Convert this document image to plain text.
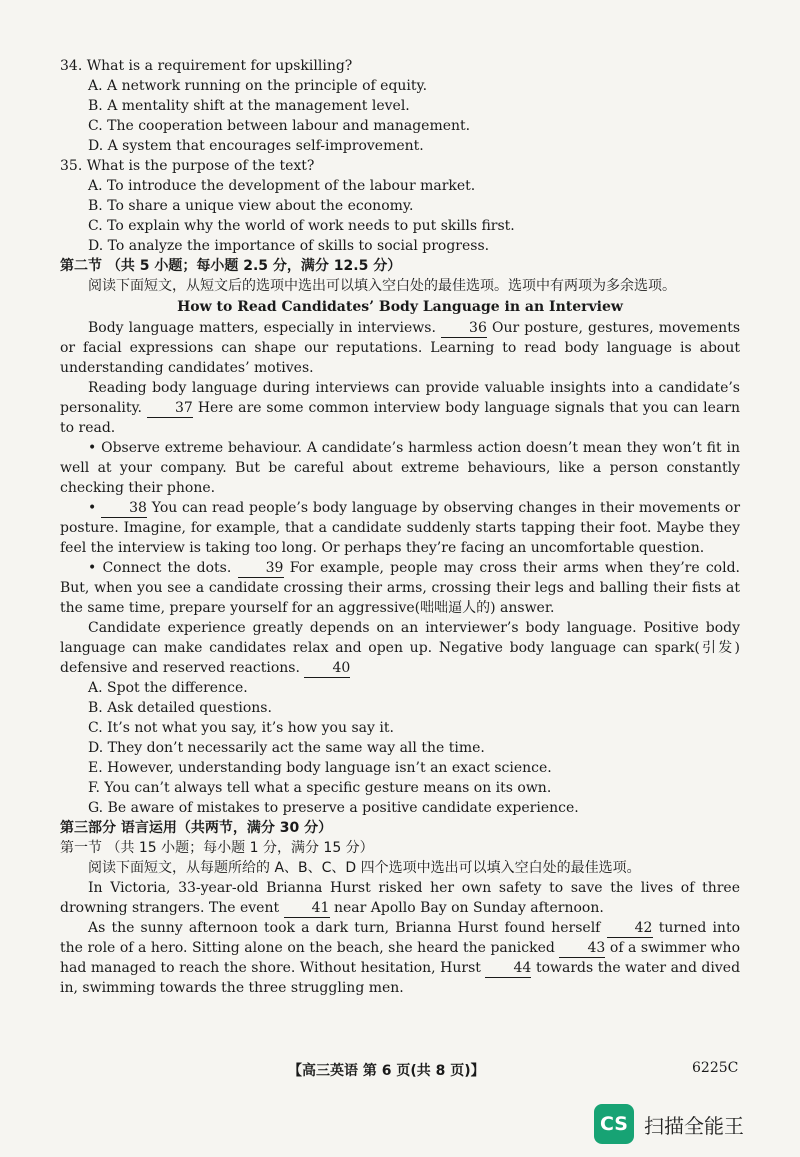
34. What is a requirement for upskilling?

A. A network running on the principle of equity.

B. A mentality shift at the management level.

C. The cooperation between labour and management.

D. A system that encourages self-improvement.

35. What is the purpose of the text?

A. To introduce the development of the labour market.

B. To share a unique view about the economy.

C. To explain why the world of work needs to put skills first.

D. To analyze the importance of skills to social progress.

第二节 （共 5 小题；每小题 2.5 分，满分 12.5 分）

阅读下面短文，从短文后的选项中选出可以填入空白处的最佳选项。选项中有两项为多余选项。

How to Read Candidates’ Body Language in an Interview

Body language matters, especially in interviews. 36 Our posture, gestures, movements or facial expressions can shape our reputations. Learning to read body language is about understanding candidates’ motives.

Reading body language during interviews can provide valuable insights into a candidate’s personality. 37 Here are some common interview body language signals that you can learn to read.

• Observe extreme behaviour. A candidate’s harmless action doesn’t mean they won’t fit in well at your company. But be careful about extreme behaviours, like a person constantly checking their phone.

• 38 You can read people’s body language by observing changes in their movements or posture. Imagine, for example, that a candidate suddenly starts tapping their foot. Maybe they feel the interview is taking too long. Or perhaps they’re facing an uncomfortable question.

• Connect the dots. 39 For example, people may cross their arms when they’re cold. But, when you see a candidate crossing their arms, crossing their legs and balling their fists at the same time, prepare yourself for an aggressive(咄咄逼人的) answer.

Candidate experience greatly depends on an interviewer’s body language. Positive body language can make candidates relax and open up. Negative body language can spark(引发) defensive and reserved reactions. 40

A. Spot the difference.

B. Ask detailed questions.

C. It’s not what you say, it’s how you say it.

D. They don’t necessarily act the same way all the time.

E. However, understanding body language isn’t an exact science.

F. You can’t always tell what a specific gesture means on its own.

G. Be aware of mistakes to preserve a positive candidate experience.

第三部分 语言运用（共两节，满分 30 分）

第一节 （共 15 小题；每小题 1 分，满分 15 分）

阅读下面短文，从每题所给的 A、B、C、D 四个选项中选出可以填入空白处的最佳选项。

In Victoria, 33-year-old Brianna Hurst risked her own safety to save the lives of three drowning strangers. The event 41 near Apollo Bay on Sunday afternoon.

As the sunny afternoon took a dark turn, Brianna Hurst found herself 42 turned into the role of a hero. Sitting alone on the beach, she heard the panicked 43 of a swimmer who had managed to reach the shore. Without hesitation, Hurst 44 towards the water and dived in, swimming towards the three struggling men.

【高三英语 第 6 页(共 8 页)】	6225C
CS 扫描全能王
